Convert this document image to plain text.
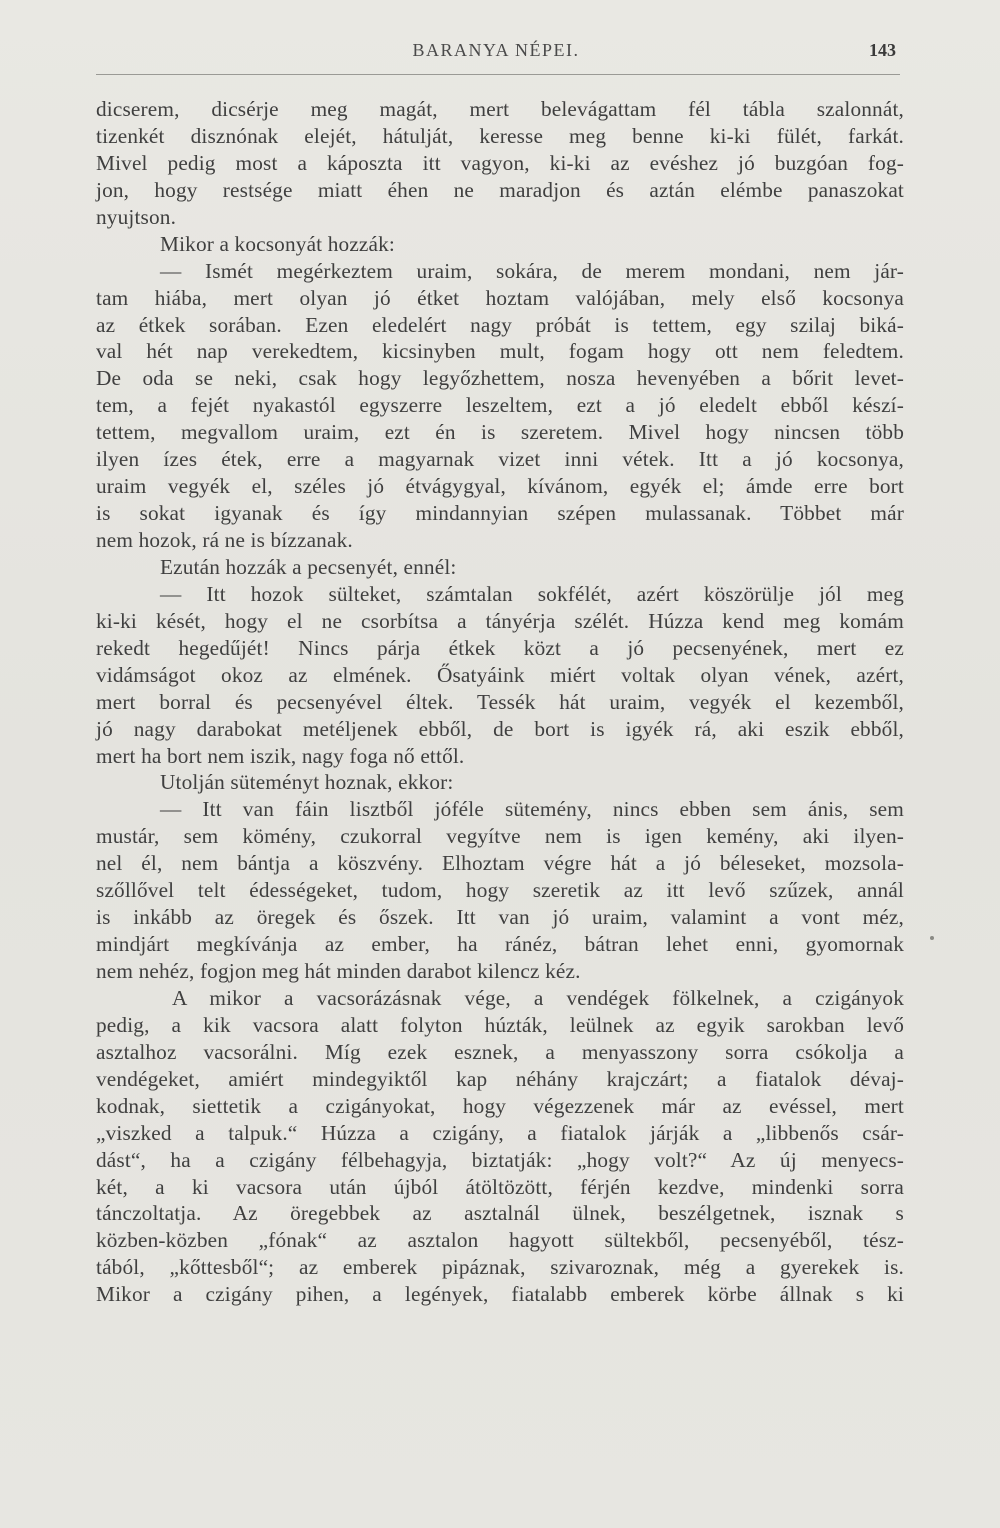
BARANYA NÉPEI.	143
dicserem, dicsérje meg magát, mert belevágattam fél tábla szalonnát,
tizenkét disznónak elejét, hátulját, keresse meg benne ki-ki fülét, farkát.
Mivel pedig most a káposzta itt vagyon, ki-ki az evéshez jó buzgóan fog-
jon, hogy restsége miatt éhen ne maradjon és aztán elémbe panaszokat
nyujtson.
Mikor a kocsonyát hozzák:
— Ismét megérkeztem uraim, sokára, de merem mondani, nem jár-
tam hiába, mert olyan jó étket hoztam valójában, mely első kocsonya
az étkek sorában. Ezen eledelért nagy próbát is tettem, egy szilaj biká-
val hét nap verekedtem, kicsinyben mult, fogam hogy ott nem feledtem.
De oda se neki, csak hogy legyőzhettem, nosza hevenyében a bőrit levet-
tem, a fejét nyakastól egyszerre leszeltem, ezt a jó eledelt ebből készí-
tettem, megvallom uraim, ezt én is szeretem. Mivel hogy nincsen több
ilyen ízes étek, erre a magyarnak vizet inni vétek. Itt a jó kocsonya,
uraim vegyék el, széles jó étvágygyal, kívánom, egyék el; ámde erre bort
is sokat igyanak és így mindannyian szépen mulassanak. Többet már
nem hozok, rá ne is bízzanak.
Ezután hozzák a pecsenyét, ennél:
— Itt hozok sülteket, számtalan sokfélét, azért köszörülje jól meg
ki-ki kését, hogy el ne csorbítsa a tányérja szélét. Húzza kend meg komám
rekedt hegedűjét! Nincs párja étkek közt a jó pecsenyének, mert ez
vidámságot okoz az elmének. Ősatyáink miért voltak olyan vének, azért,
mert borral és pecsenyével éltek. Tessék hát uraim, vegyék el kezemből,
jó nagy darabokat metéljenek ebből, de bort is igyék rá, aki eszik ebből,
mert ha bort nem iszik, nagy foga nő ettől.
Utolján süteményt hoznak, ekkor:
— Itt van fáin lisztből jóféle sütemény, nincs ebben sem ánis, sem
mustár, sem kömény, czukorral vegyítve nem is igen kemény, aki ilyen-
nel él, nem bántja a köszvény. Elhoztam végre hát a jó béleseket, mozsola-
szőllővel telt édességeket, tudom, hogy szeretik az itt levő szűzek, annál
is inkább az öregek és őszek. Itt van jó uraim, valamint a vont méz,
mindjárt megkívánja az ember, ha ránéz, bátran lehet enni, gyomornak
nem nehéz, fogjon meg hát minden darabot kilencz kéz.
A mikor a vacsorázásnak vége, a vendégek fölkelnek, a czigányok
pedig, a kik vacsora alatt folyton húzták, leülnek az egyik sarokban levő
asztalhoz vacsorálni. Míg ezek esznek, a menyasszony sorra csókolja a
vendégeket, amiért mindegyiktől kap néhány krajczárt; a fiatalok dévaj-
kodnak, siettetik a czigányokat, hogy végezzenek már az evéssel, mert
„viszked a talpuk.“ Húzza a czigány, a fiatalok járják a „libbenős csár-
dást“, ha a czigány félbehagyja, biztatják: „hogy volt?“ Az új menyecs-
két, a ki vacsora után újból átöltözött, férjén kezdve, mindenki sorra
tánczoltatja. Az öregebbek az asztalnál ülnek, beszélgetnek, isznak s
közben-közben „fónak“ az asztalon hagyott sültekből, pecsenyéből, tész-
tából, „kőttesből“; az emberek pipáznak, szivaroznak, még a gyerekek is.
Mikor a czigány pihen, a legények, fiatalabb emberek körbe állnak s ki
